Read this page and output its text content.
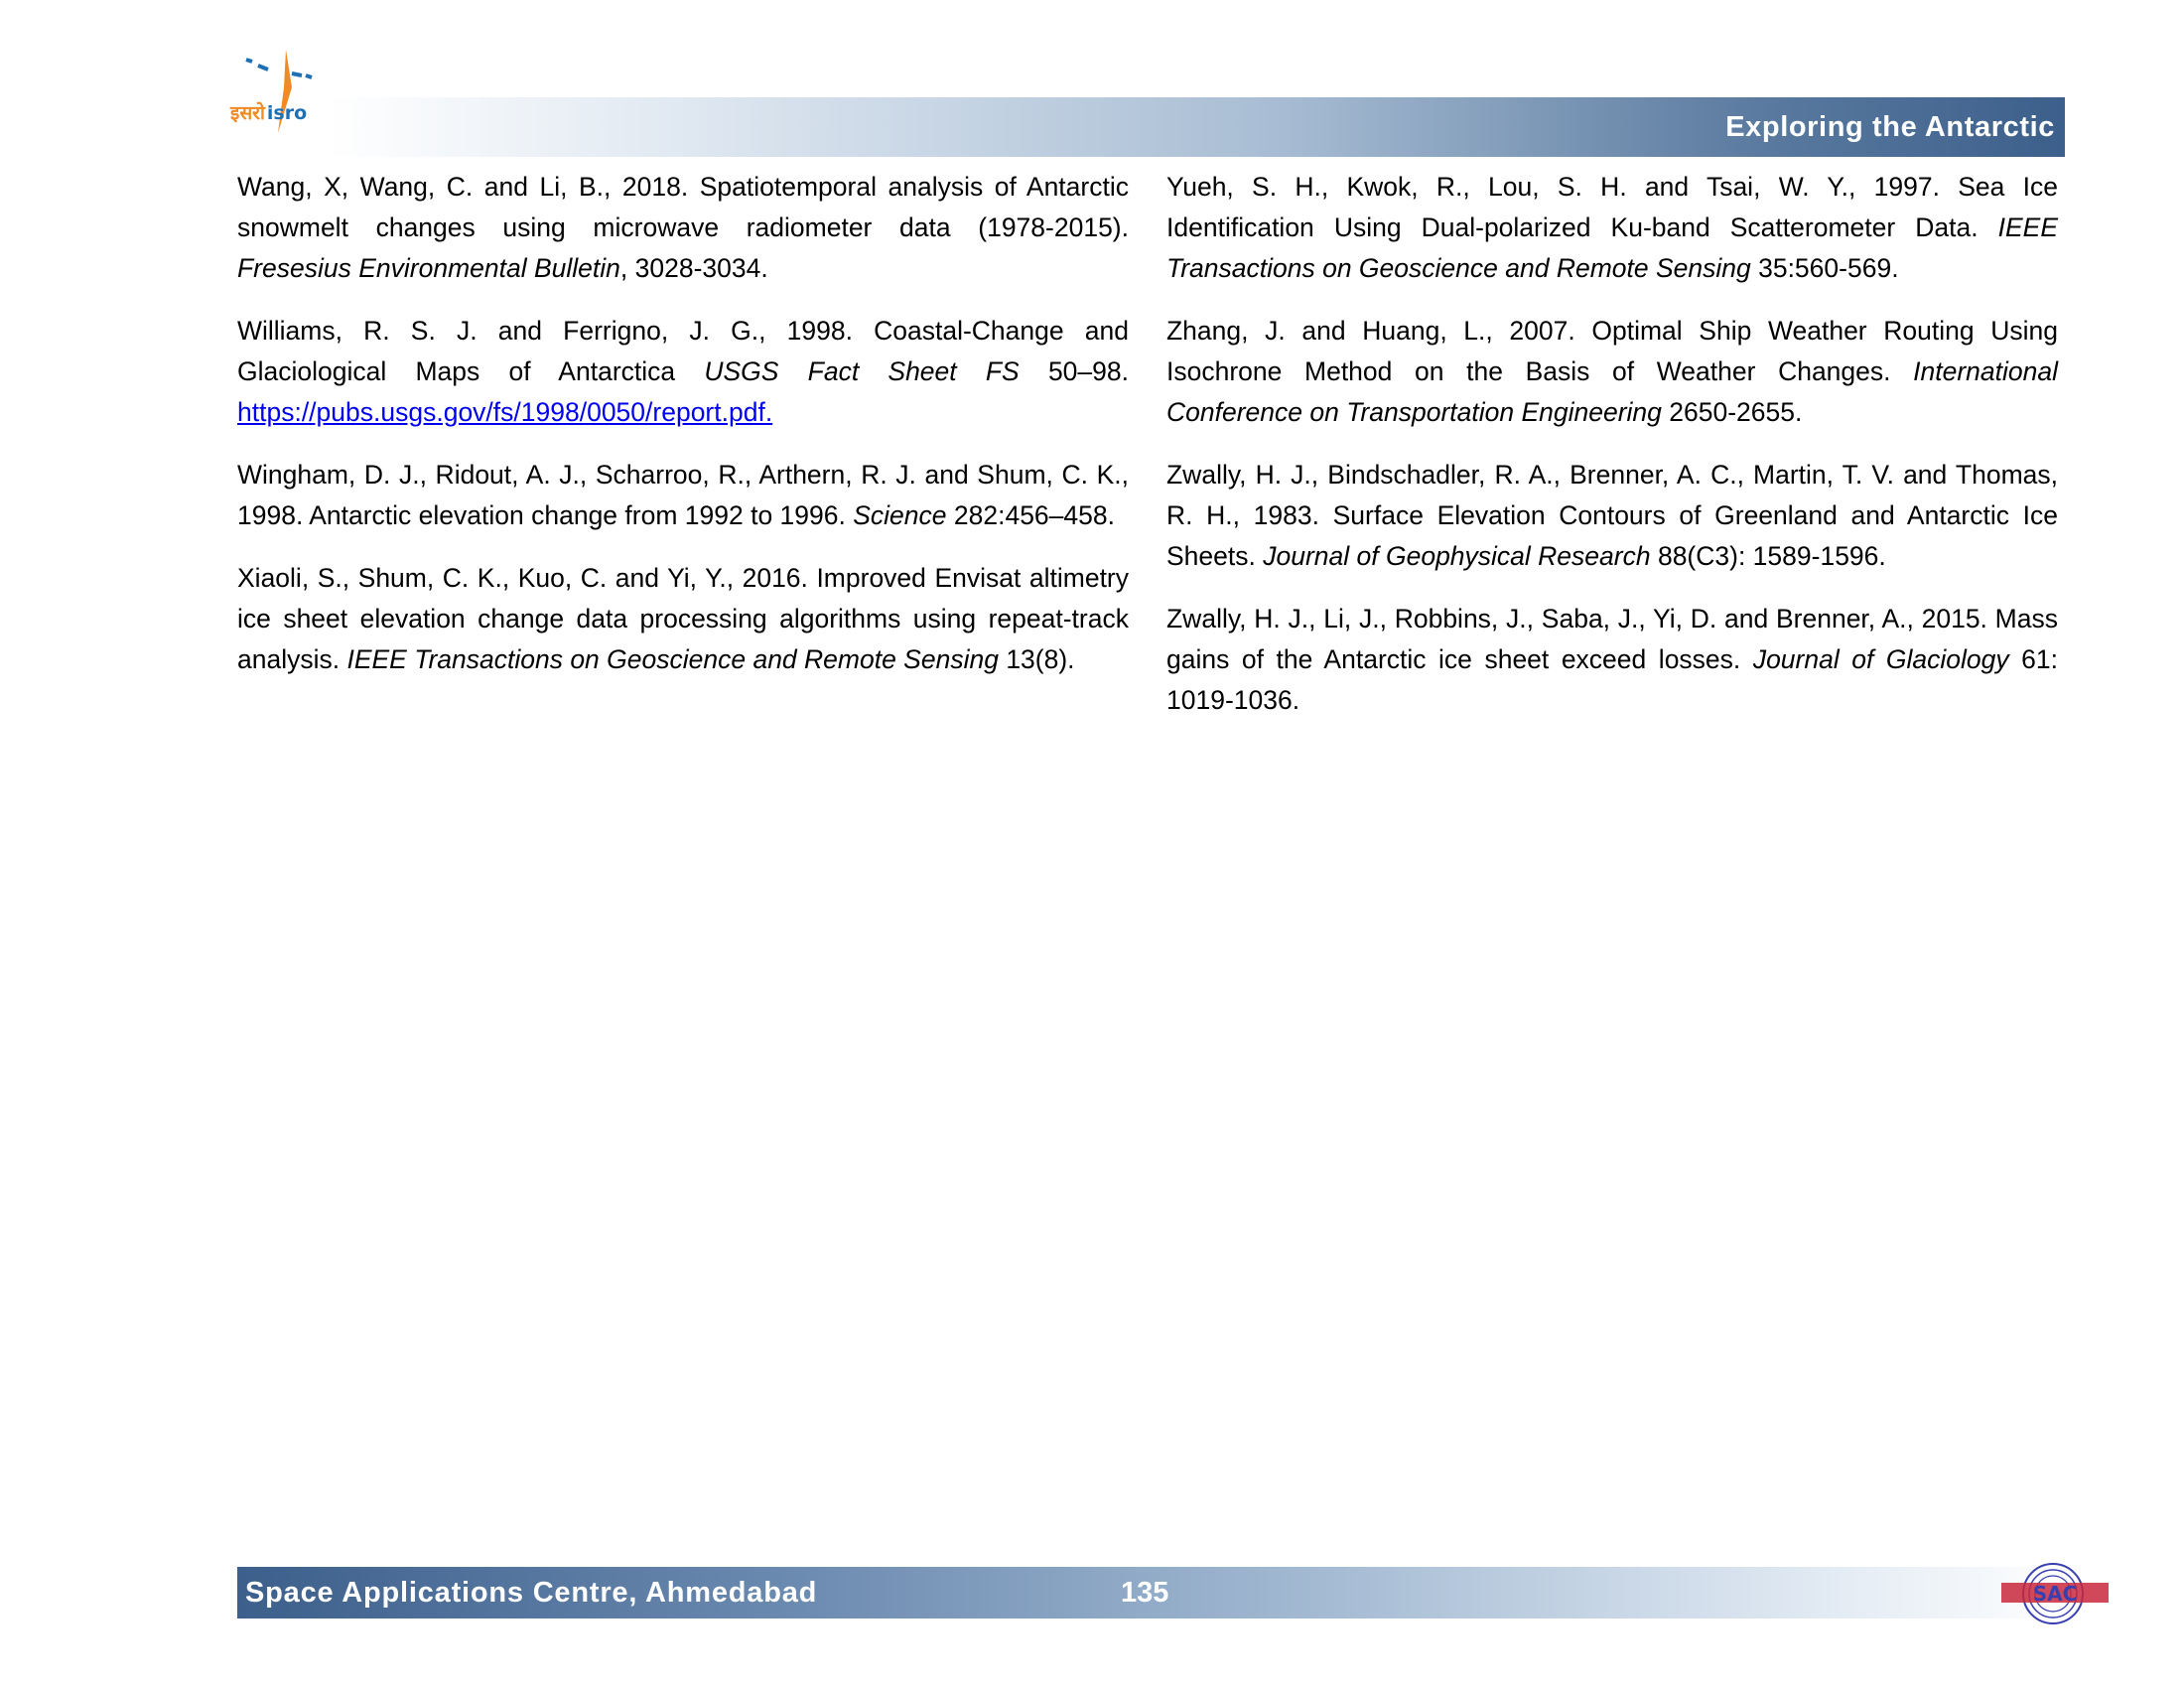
इसरो isro	Exploring the Antarctic

Wang, X, Wang, C. and Li, B., 2018. Spatiotemporal analysis of Antarctic snowmelt changes using microwave radiometer data (1978-2015). Fresesius Environmental Bulletin, 3028-3034.

Williams, R. S. J. and Ferrigno, J. G., 1998. Coastal-Change and Glaciological Maps of Antarctica USGS Fact Sheet FS 50–98. https://pubs.usgs.gov/fs/1998/0050/report.pdf.

Wingham, D. J., Ridout, A. J., Scharroo, R., Arthern, R. J. and Shum, C. K., 1998. Antarctic elevation change from 1992 to 1996. Science 282:456–458.

Xiaoli, S., Shum, C. K., Kuo, C. and Yi, Y., 2016. Improved Envisat altimetry ice sheet elevation change data processing algorithms using repeat-track analysis. IEEE Transactions on Geoscience and Remote Sensing 13(8).

Yueh, S. H., Kwok, R., Lou, S. H. and Tsai, W. Y., 1997. Sea Ice Identification Using Dual-polarized Ku-band Scatterometer Data. IEEE Transactions on Geoscience and Remote Sensing 35:560-569.

Zhang, J. and Huang, L., 2007. Optimal Ship Weather Routing Using Isochrone Method on the Basis of Weather Changes. International Conference on Transportation Engineering 2650-2655.

Zwally, H. J., Bindschadler, R. A., Brenner, A. C., Martin, T. V. and Thomas, R. H., 1983. Surface Elevation Contours of Greenland and Antarctic Ice Sheets. Journal of Geophysical Research 88(C3): 1589-1596.

Zwally, H. J., Li, J., Robbins, J., Saba, J., Yi, D. and Brenner, A., 2015. Mass gains of the Antarctic ice sheet exceed losses. Journal of Glaciology 61: 1019-1036.

Space Applications Centre, Ahmedabad	135	SAC
